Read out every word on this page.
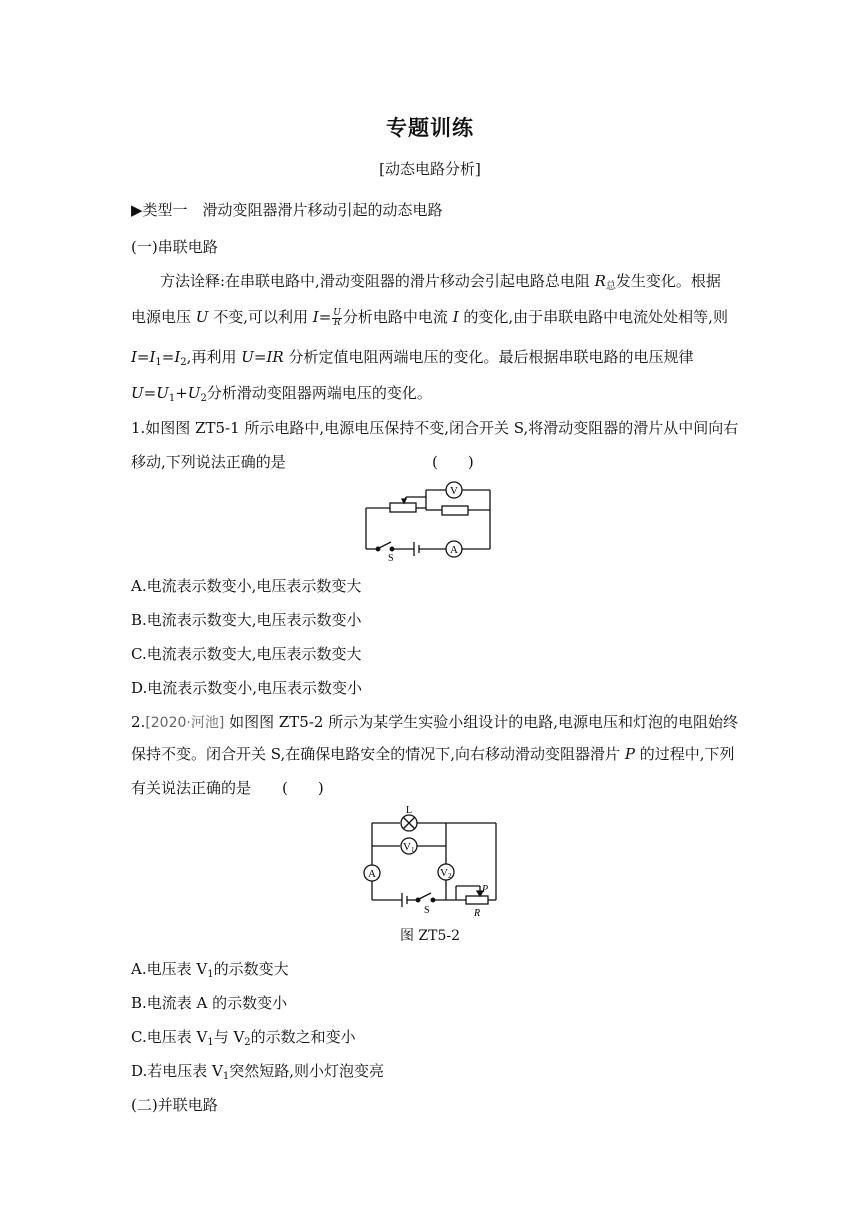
专题训练
[动态电路分析]
▶类型一　滑动变阻器滑片移动引起的动态电路
(一)串联电路
方法诠释:在串联电路中,滑动变阻器的滑片移动会引起电路总电阻 $R_总$发生变化。根据
电源电压 U 不变,可以利用 $I= \frac{U}{R}$ 分析电路中电流 I 的变化,由于串联电路中电流处处相等,则
$I=I_1=I_2$,再利用 U=IR 分析定值电阻两端电压的变化。最后根据串联电路的电压规律
$U=U_1+U_2$分析滑动变阻器两端电压的变化。
1.如图图 ZT5-1 所示电路中,电源电压保持不变,闭合开关 S,将滑动变阻器的滑片从中间向右
移动,下列说法正确的是	(　　)
V
A
S
A.电流表示数变小,电压表示数变大
B.电流表示数变大,电压表示数变小
C.电流表示数变大,电压表示数变大
D.电流表示数变小,电压表示数变小
2.[2020·河池] 如图图 ZT5-2 所示为某学生实验小组设计的电路,电源电压和灯泡的电阻始终
保持不变。闭合开关 S,在确保电路安全的情况下,向右移动滑动变阻器滑片 P 的过程中,下列
有关说法正确的是 (　　)
L
A
V1
V2
S
P
R
图 ZT5-2
A.电压表 $V_1$的示数变大
B.电流表 A 的示数变小
C.电压表 $V_1$与 $V_2$的示数之和变小
D.若电压表 $V_1$突然短路,则小灯泡变亮
(二)并联电路
